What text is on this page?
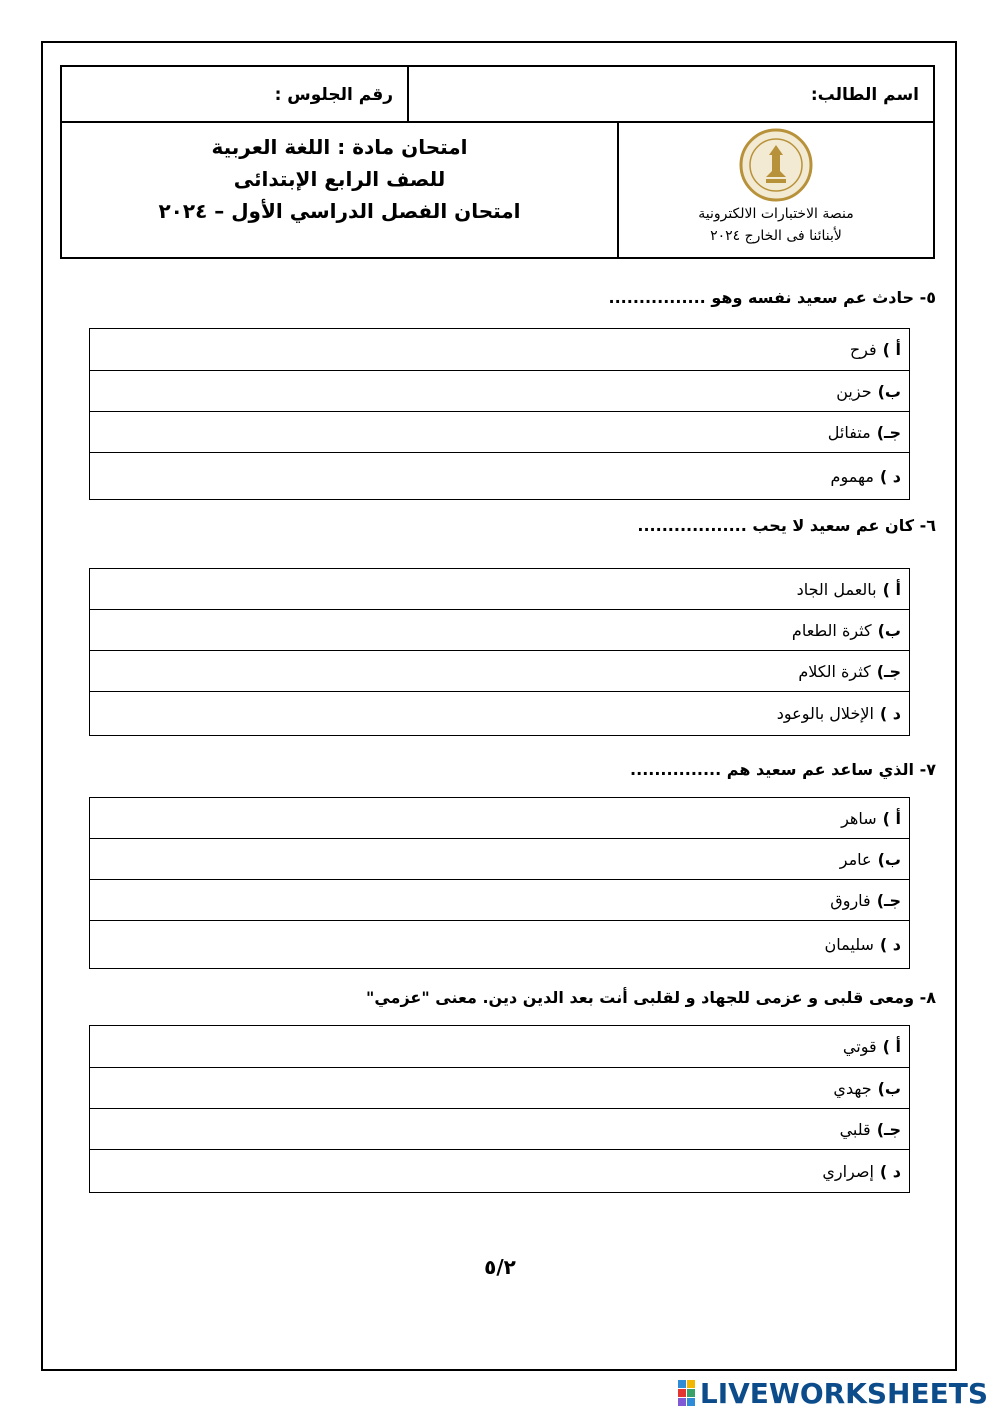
اسم الطالب:
رقم الجلوس :
منصة الاختبارات الالكترونية
لأبنائنا فى الخارج ٢٠٢٤
امتحان مادة : اللغة العربية
للصف الرابع الإبتدائى
امتحان الفصل الدراسي الأول – ٢٠٢٤
٥- حادث عم سعيد نفسه وهو ................
أ )
فرح
ب)
حزين
جـ)
متفائل
د )
مهموم
٦- كان عم سعيد لا يحب ..................
أ )
بالعمل الجاد
ب)
كثرة الطعام
جـ)
كثرة الكلام
د )
الإخلال بالوعود
٧- الذي ساعد عم سعيد هم ...............
أ )
ساهر
ب)
عامر
جـ)
فاروق
د )
سليمان
٨- ومعى قلبى و عزمى للجهاد و لقلبى أنت بعد الدين دين. معنى "عزمي"
أ )
قوتي
ب)
جهدي
جـ)
قلبي
د )
إصراري
٥/٢
LIVEWORKSHEETS
